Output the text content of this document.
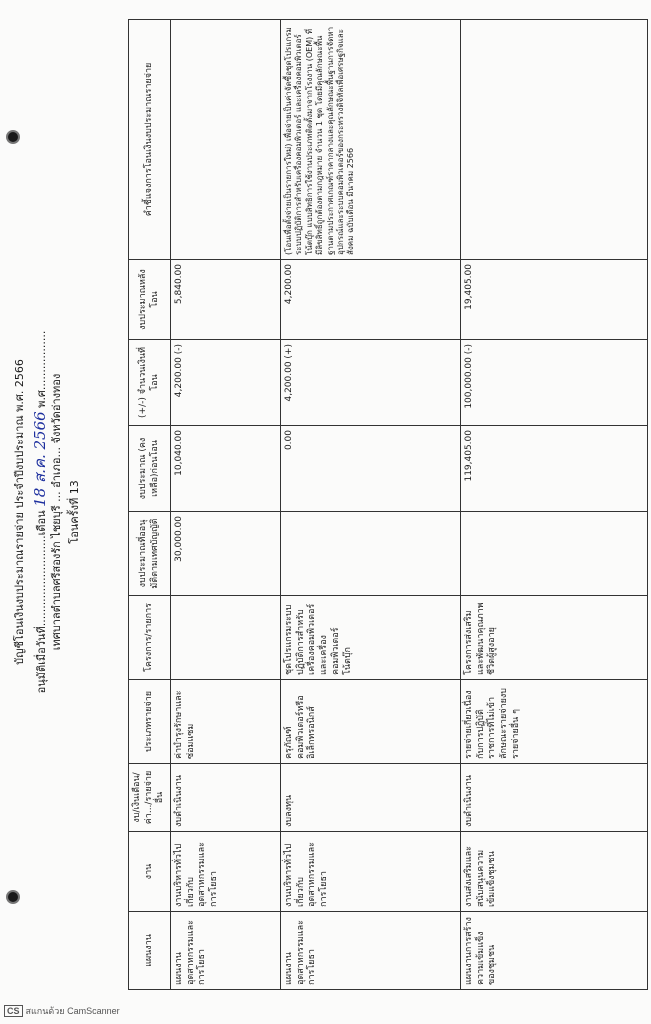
บัญชีโอนเงินงบประมาณรายจ่าย ประจำปีงบประมาณ พ.ศ. 2566 อนุมัติเมื่อวันที่..........................เดือน 18 ส.ค. 2566 พ.ศ.................
เทศบาลตำบลศรีสองรัก ไชยบุรี ... อำเภอ... จังหวัดอ่างทอง โอนครั้งที่ 13
แผนงาน	งาน	งบ/เงินเดือน/ค่า.../รายจ่ายอื่น	ประเภทรายจ่าย	โครงการ/รายการ	งบประมาณที่ออนุมัติตามเทศบัญญัติ	งบประมาณ (คงเหลือ)ก่อนโอน	(+/-) จำนวนเงินที่โอน	งบประมาณหลังโอน	คำชี้แจงการโอนเงินงบประมาณรายจ่าย
แผนงานอุตสาหกรรมและการโยธา	งานบริหารทั่วไปเกี่ยวกับอุตสาหกรรมและการโยธา	งบดำเนินงาน	ค่าบำรุงรักษาและซ่อมแซม		30,000.00	10,040.00	4,200.00 (-)	5,840.00	
แผนงานอุตสาหกรรมและการโยธา	งานบริหารทั่วไปเกี่ยวกับอุตสาหกรรมและการโยธา	งบลงทุน	ครุภัณฑ์คอมพิวเตอร์หรืออิเล็กทรอนิกส์	ชุดโปรแกรมระบบปฏิบัติการสำหรับเครื่องคอมพิวเตอร์และเครื่องคอมพิวเตอร์โน้ตบุ๊ก		0.00	4,200.00 (+)	4,200.00	(โอนเพื่อตั้งจ่ายเป็นรายการใหม่) เพื่อจ่ายเป็นค่าจัดซื้อชุดโปรแกรมระบบปฏิบัติการสำหรับเครื่องคอมพิวเตอร์ และเครื่องคอมพิวเตอร์โน้ตบุ๊ก แบบสิทธิการใช้งานประเภทติดตั้งมาจากโรงงาน (OEM) ที่มีลิขสิทธิ์ถูกต้องตามกฎหมาย จำนวน 1 ชุด โดยมีคุณลักษณะพื้นฐานตามประกาศเกณฑ์ราคากลางและคุณลักษณะพื้นฐานการจัดหาอุปกรณ์และระบบคอมพิวเตอร์ของกระทรวงดิจิทัลเพื่อเศรษฐกิจและสังคม ฉบับเดือน มีนาคม 2566
แผนงานการสร้างความเข้มแข็งของชุมชน	งานส่งเสริมและสนับสนุนความเข้มแข็งชุมชน	งบดำเนินงาน	รายจ่ายเกี่ยวเนื่องกับการปฏิบัติราชการที่ไม่เข้าลักษณะรายจ่ายงบรายจ่ายอื่น ๆ	โครงการส่งเสริมและพัฒนาคุณภาพชีวิตผู้สูงอายุ		119,405.00	100,000.00 (-)	19,405.00	
CS สแกนด้วย CamScanner
